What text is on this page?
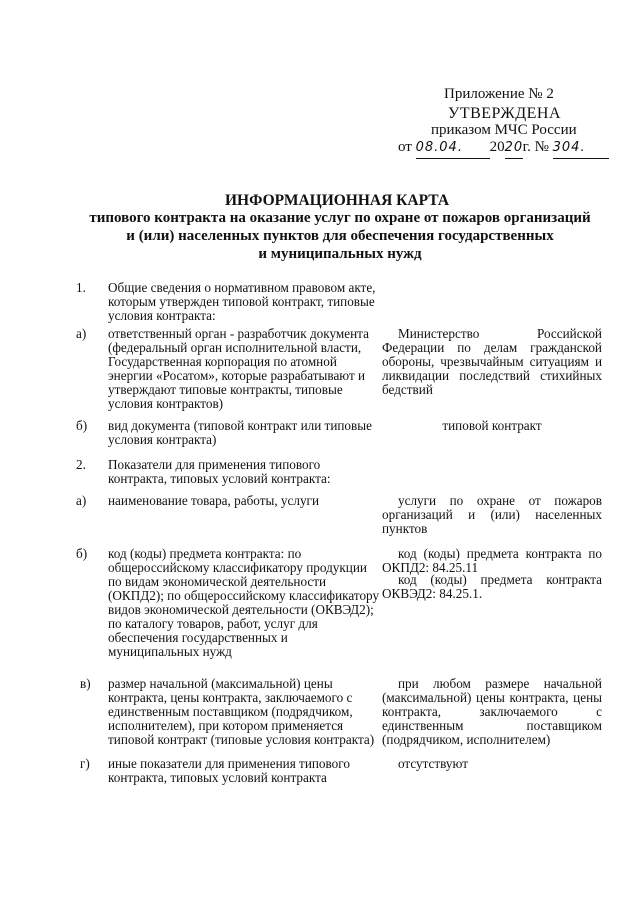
Приложение № 2
УТВЕРЖДЕНА
приказом МЧС России
от 08.04. 2020г. № 304.
ИНФОРМАЦИОННАЯ КАРТА
типового контракта на оказание услуг по охране от пожаров организаций
и (или) населенных пунктов для обеспечения государственных
и муниципальных нужд
1. Общие сведения о нормативном правовом акте, которым утвержден типовой контракт, типовые условия контракта:
а) ответственный орган - разработчик документа (федеральный орган исполнительной власти, Государственная корпорация по атомной энергии «Росатом», которые разрабатывают и утверждают типовые контракты, типовые условия контрактов)
Министерство Российской Федерации по делам гражданской обороны, чрезвычайным ситуациям и ликвидации последствий стихийных бедствий
б) вид документа (типовой контракт или типовые условия контракта)
типовой контракт
2. Показатели для применения типового контракта, типовых условий контракта:
а) наименование товара, работы, услуги	услуги по охране от пожаров организаций и (или) населенных пунктов
б) код (коды) предмета контракта: по общероссийскому классификатору продукции по видам экономической деятельности (ОКПД2); по общероссийскому классификатору видов экономической деятельности (ОКВЭД2); по каталогу товаров, работ, услуг для обеспечения государственных и муниципальных нужд
код (коды) предмета контракта по ОКПД2: 84.25.11
код (коды) предмета контракта ОКВЭД2: 84.25.1.
в) размер начальной (максимальной) цены контракта, цены контракта, заключаемого с единственным поставщиком (подрядчиком, исполнителем), при котором применяется типовой контракт (типовые условия контракта)
при любом размере начальной (максимальной) цены контракта, цены контракта, заключаемого с единственным поставщиком (подрядчиком, исполнителем)
г) иные показатели для применения типового контракта, типовых условий контракта
отсутствуют
